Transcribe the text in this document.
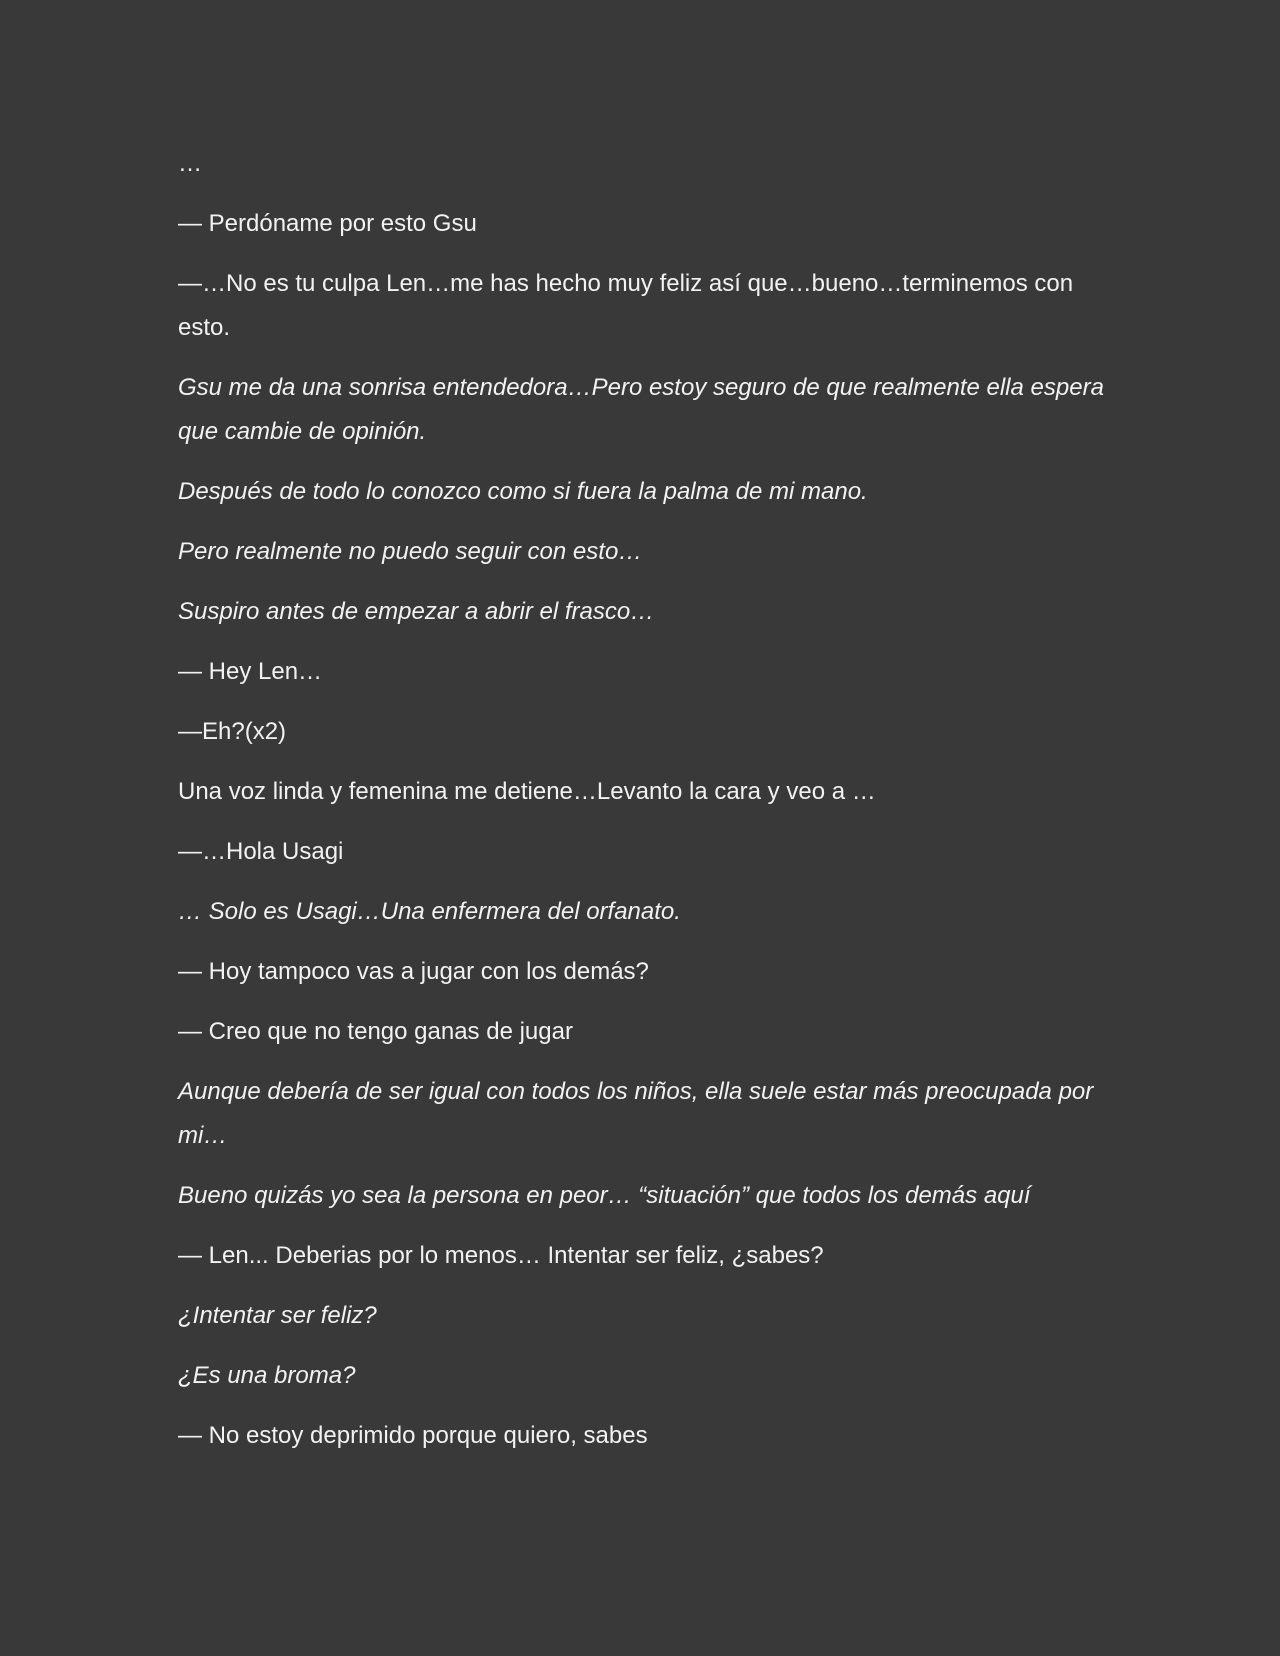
…

— Perdóname por esto Gsu

—…No es tu culpa Len…me has hecho muy feliz así que…bueno…terminemos con esto.

Gsu me da una sonrisa entendedora…Pero estoy seguro de que realmente ella espera que cambie de opinión.

Después de todo lo conozco como si fuera la palma de mi mano.

Pero realmente no puedo seguir con esto…

Suspiro antes de empezar a abrir el frasco…

— Hey Len…

—Eh?(x2)

Una voz linda y femenina me detiene…Levanto la cara y veo a …

—…Hola Usagi

… Solo es Usagi…Una enfermera del orfanato.

— Hoy tampoco vas a jugar con los demás?

— Creo que no tengo ganas de jugar

Aunque debería de ser igual con todos los niños, ella suele estar más preocupada por mi…

Bueno quizás yo sea la persona en peor… “situación” que todos los demás aquí

— Len... Deberias por lo menos… Intentar ser feliz, ¿sabes?

¿Intentar ser feliz?

¿Es una broma?

— No estoy deprimido porque quiero, sabes
